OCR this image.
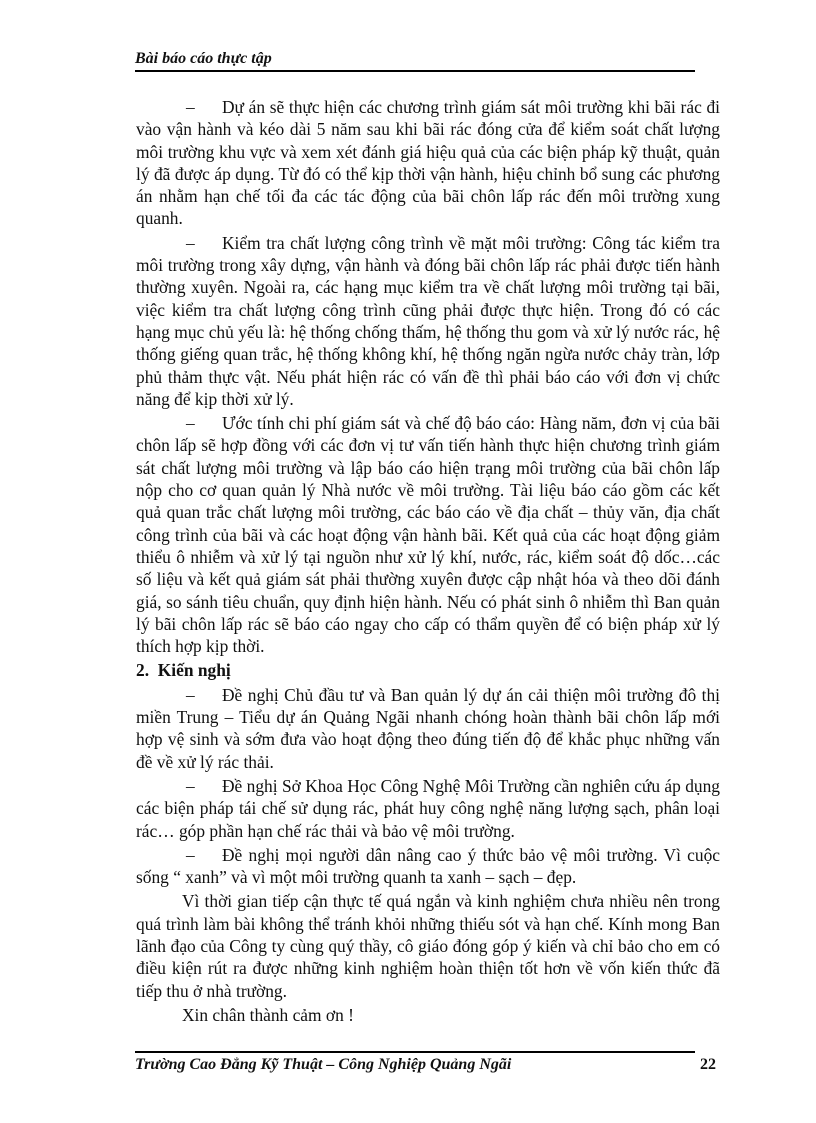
Bài báo cáo thực tập

– Dự án sẽ thực hiện các chương trình giám sát môi trường khi bãi rác đi vào vận hành và kéo dài 5 năm sau khi bãi rác đóng cửa để kiểm soát chất lượng môi trường khu vực và xem xét đánh giá hiệu quả của các biện pháp kỹ thuật, quản lý đã được áp dụng. Từ đó có thể kịp thời vận hành, hiệu chỉnh bổ sung các phương án nhằm hạn chế tối đa các tác động của bãi chôn lấp rác đến môi trường xung quanh.

– Kiểm tra chất lượng công trình về mặt môi trường: Công tác kiểm tra môi trường trong xây dựng, vận hành và đóng bãi chôn lấp rác phải được tiến hành thường xuyên. Ngoài ra, các hạng mục kiểm tra về chất lượng môi trường tại bãi, việc kiểm tra chất lượng công trình cũng phải được thực hiện. Trong đó có các hạng mục chủ yếu là: hệ thống chống thấm, hệ thống thu gom và xử lý nước rác, hệ thống giếng quan trắc, hệ thống không khí, hệ thống ngăn ngừa nước chảy tràn, lớp phủ thảm thực vật. Nếu phát hiện rác có vấn đề thì phải báo cáo với đơn vị chức năng để kịp thời xử lý.

– Ước tính chi phí giám sát và chế độ báo cáo: Hàng năm, đơn vị của bãi chôn lấp sẽ hợp đồng với các đơn vị tư vấn tiến hành thực hiện chương trình giám sát chất lượng môi trường và lập báo cáo hiện trạng môi trường của bãi chôn lấp nộp cho cơ quan quản lý Nhà nước về môi trường. Tài liệu báo cáo gồm các kết quả quan trắc chất lượng môi trường, các báo cáo về địa chất – thủy văn, địa chất công trình của bãi và các hoạt động vận hành bãi. Kết quả của các hoạt động giảm thiểu ô nhiễm và xử lý tại nguồn như xử lý khí, nước, rác, kiểm soát độ dốc…các số liệu và kết quả giám sát phải thường xuyên được cập nhật hóa và theo dõi đánh giá, so sánh tiêu chuẩn, quy định hiện hành. Nếu có phát sinh ô nhiễm thì Ban quản lý bãi chôn lấp rác sẽ báo cáo ngay cho cấp có thẩm quyền để có biện pháp xử lý thích hợp kịp thời.

2. Kiến nghị

– Đề nghị Chủ đầu tư và Ban quản lý dự án cải thiện môi trường đô thị miền Trung – Tiểu dự án Quảng Ngãi nhanh chóng hoàn thành bãi chôn lấp mới hợp vệ sinh và sớm đưa vào hoạt động theo đúng tiến độ để khắc phục những vấn đề về xử lý rác thải.

– Đề nghị Sở Khoa Học Công Nghệ Môi Trường cần nghiên cứu áp dụng các biện pháp tái chế sử dụng rác, phát huy công nghệ năng lượng sạch, phân loại rác… góp phần hạn chế rác thải và bảo vệ môi trường.

– Đề nghị mọi người dân nâng cao ý thức bảo vệ môi trường. Vì cuộc sống “ xanh” và vì một môi trường quanh ta xanh – sạch – đẹp.

Vì thời gian tiếp cận thực tế quá ngắn và kinh nghiệm chưa nhiều nên trong quá trình làm bài không thể tránh khỏi những thiếu sót và hạn chế. Kính mong Ban lãnh đạo của Công ty cùng quý thầy, cô giáo đóng góp ý kiến và chỉ bảo cho em có điều kiện rút ra được những kinh nghiệm hoàn thiện tốt hơn về vốn kiến thức đã tiếp thu ở nhà trường.

Xin chân thành cảm ơn !

Trường Cao Đẳng Kỹ Thuật – Công Nghiệp Quảng Ngãi	22
